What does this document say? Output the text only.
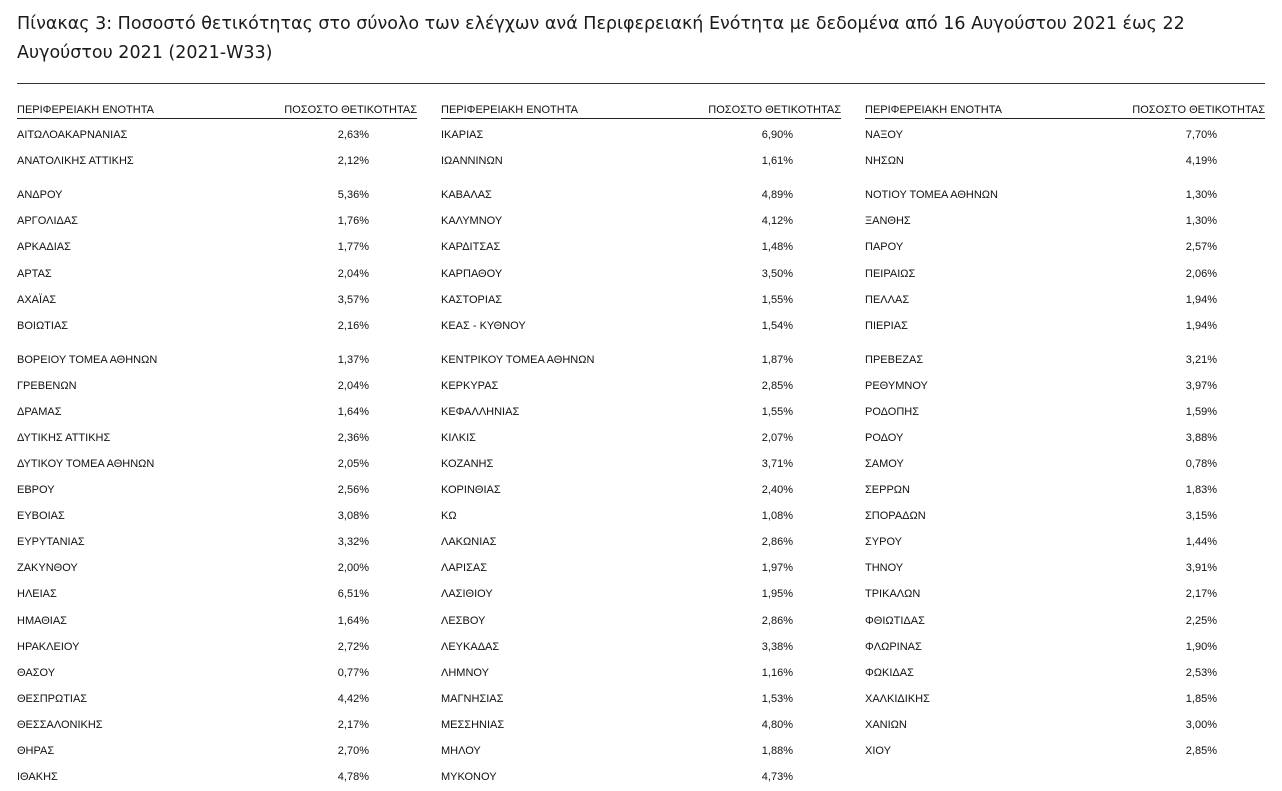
Πίνακας 3: Ποσοστό θετικότητας στο σύνολο των ελέγχων ανά Περιφερειακή Ενότητα με δεδομένα από 16 Αυγούστου 2021 έως 22 Αυγούστου 2021 (2021-W33)
ΠΕΡΙΦΕΡΕΙΑΚΗ ΕΝΟΤΗΤΑ	ΠΟΣΟΣΤΟ ΘΕΤΙΚΟΤΗΤΑΣ
ΑΙΤΩΛΟΑΚΑΡΝΑΝΙΑΣ	2,63%
ΑΝΑΤΟΛΙΚΗΣ ΑΤΤΙΚΗΣ	2,12%
ΑΝΔΡΟΥ	5,36%
ΑΡΓΟΛΙΔΑΣ	1,76%
ΑΡΚΑΔΙΑΣ	1,77%
ΑΡΤΑΣ	2,04%
ΑΧΑΪΑΣ	3,57%
ΒΟΙΩΤΙΑΣ	2,16%
ΒΟΡΕΙΟΥ ΤΟΜΕΑ ΑΘΗΝΩΝ	1,37%
ΓΡΕΒΕΝΩΝ	2,04%
ΔΡΑΜΑΣ	1,64%
ΔΥΤΙΚΗΣ ΑΤΤΙΚΗΣ	2,36%
ΔΥΤΙΚΟΥ ΤΟΜΕΑ ΑΘΗΝΩΝ	2,05%
ΕΒΡΟΥ	2,56%
ΕΥΒΟΙΑΣ	3,08%
ΕΥΡΥΤΑΝΙΑΣ	3,32%
ΖΑΚΥΝΘΟΥ	2,00%
ΗΛΕΙΑΣ	6,51%
ΗΜΑΘΙΑΣ	1,64%
ΗΡΑΚΛΕΙΟΥ	2,72%
ΘΑΣΟΥ	0,77%
ΘΕΣΠΡΩΤΙΑΣ	4,42%
ΘΕΣΣΑΛΟΝΙΚΗΣ	2,17%
ΘΗΡΑΣ	2,70%
ΙΘΑΚΗΣ	4,78%
ΠΕΡΙΦΕΡΕΙΑΚΗ ΕΝΟΤΗΤΑ	ΠΟΣΟΣΤΟ ΘΕΤΙΚΟΤΗΤΑΣ
ΙΚΑΡΙΑΣ	6,90%
ΙΩΑΝΝΙΝΩΝ	1,61%
ΚΑΒΑΛΑΣ	4,89%
ΚΑΛΥΜΝΟΥ	4,12%
ΚΑΡΔΙΤΣΑΣ	1,48%
ΚΑΡΠΑΘΟΥ	3,50%
ΚΑΣΤΟΡΙΑΣ	1,55%
ΚΕΑΣ - ΚΥΘΝΟΥ	1,54%
ΚΕΝΤΡΙΚΟΥ ΤΟΜΕΑ ΑΘΗΝΩΝ	1,87%
ΚΕΡΚΥΡΑΣ	2,85%
ΚΕΦΑΛΛΗΝΙΑΣ	1,55%
ΚΙΛΚΙΣ	2,07%
ΚΟΖΑΝΗΣ	3,71%
ΚΟΡΙΝΘΙΑΣ	2,40%
ΚΩ	1,08%
ΛΑΚΩΝΙΑΣ	2,86%
ΛΑΡΙΣΑΣ	1,97%
ΛΑΣΙΘΙΟΥ	1,95%
ΛΕΣΒΟΥ	2,86%
ΛΕΥΚΑΔΑΣ	3,38%
ΛΗΜΝΟΥ	1,16%
ΜΑΓΝΗΣΙΑΣ	1,53%
ΜΕΣΣΗΝΙΑΣ	4,80%
ΜΗΛΟΥ	1,88%
ΜΥΚΟΝΟΥ	4,73%
ΠΕΡΙΦΕΡΕΙΑΚΗ ΕΝΟΤΗΤΑ	ΠΟΣΟΣΤΟ ΘΕΤΙΚΟΤΗΤΑΣ
ΝΑΞΟΥ	7,70%
ΝΗΣΩΝ	4,19%
ΝΟΤΙΟΥ ΤΟΜΕΑ ΑΘΗΝΩΝ	1,30%
ΞΑΝΘΗΣ	1,30%
ΠΑΡΟΥ	2,57%
ΠΕΙΡΑΙΩΣ	2,06%
ΠΕΛΛΑΣ	1,94%
ΠΙΕΡΙΑΣ	1,94%
ΠΡΕΒΕΖΑΣ	3,21%
ΡΕΘΥΜΝΟΥ	3,97%
ΡΟΔΟΠΗΣ	1,59%
ΡΟΔΟΥ	3,88%
ΣΑΜΟΥ	0,78%
ΣΕΡΡΩΝ	1,83%
ΣΠΟΡΑΔΩΝ	3,15%
ΣΥΡΟΥ	1,44%
ΤΗΝΟΥ	3,91%
ΤΡΙΚΑΛΩΝ	2,17%
ΦΘΙΩΤΙΔΑΣ	2,25%
ΦΛΩΡΙΝΑΣ	1,90%
ΦΩΚΙΔΑΣ	2,53%
ΧΑΛΚΙΔΙΚΗΣ	1,85%
ΧΑΝΙΩΝ	3,00%
ΧΙΟΥ	2,85%
